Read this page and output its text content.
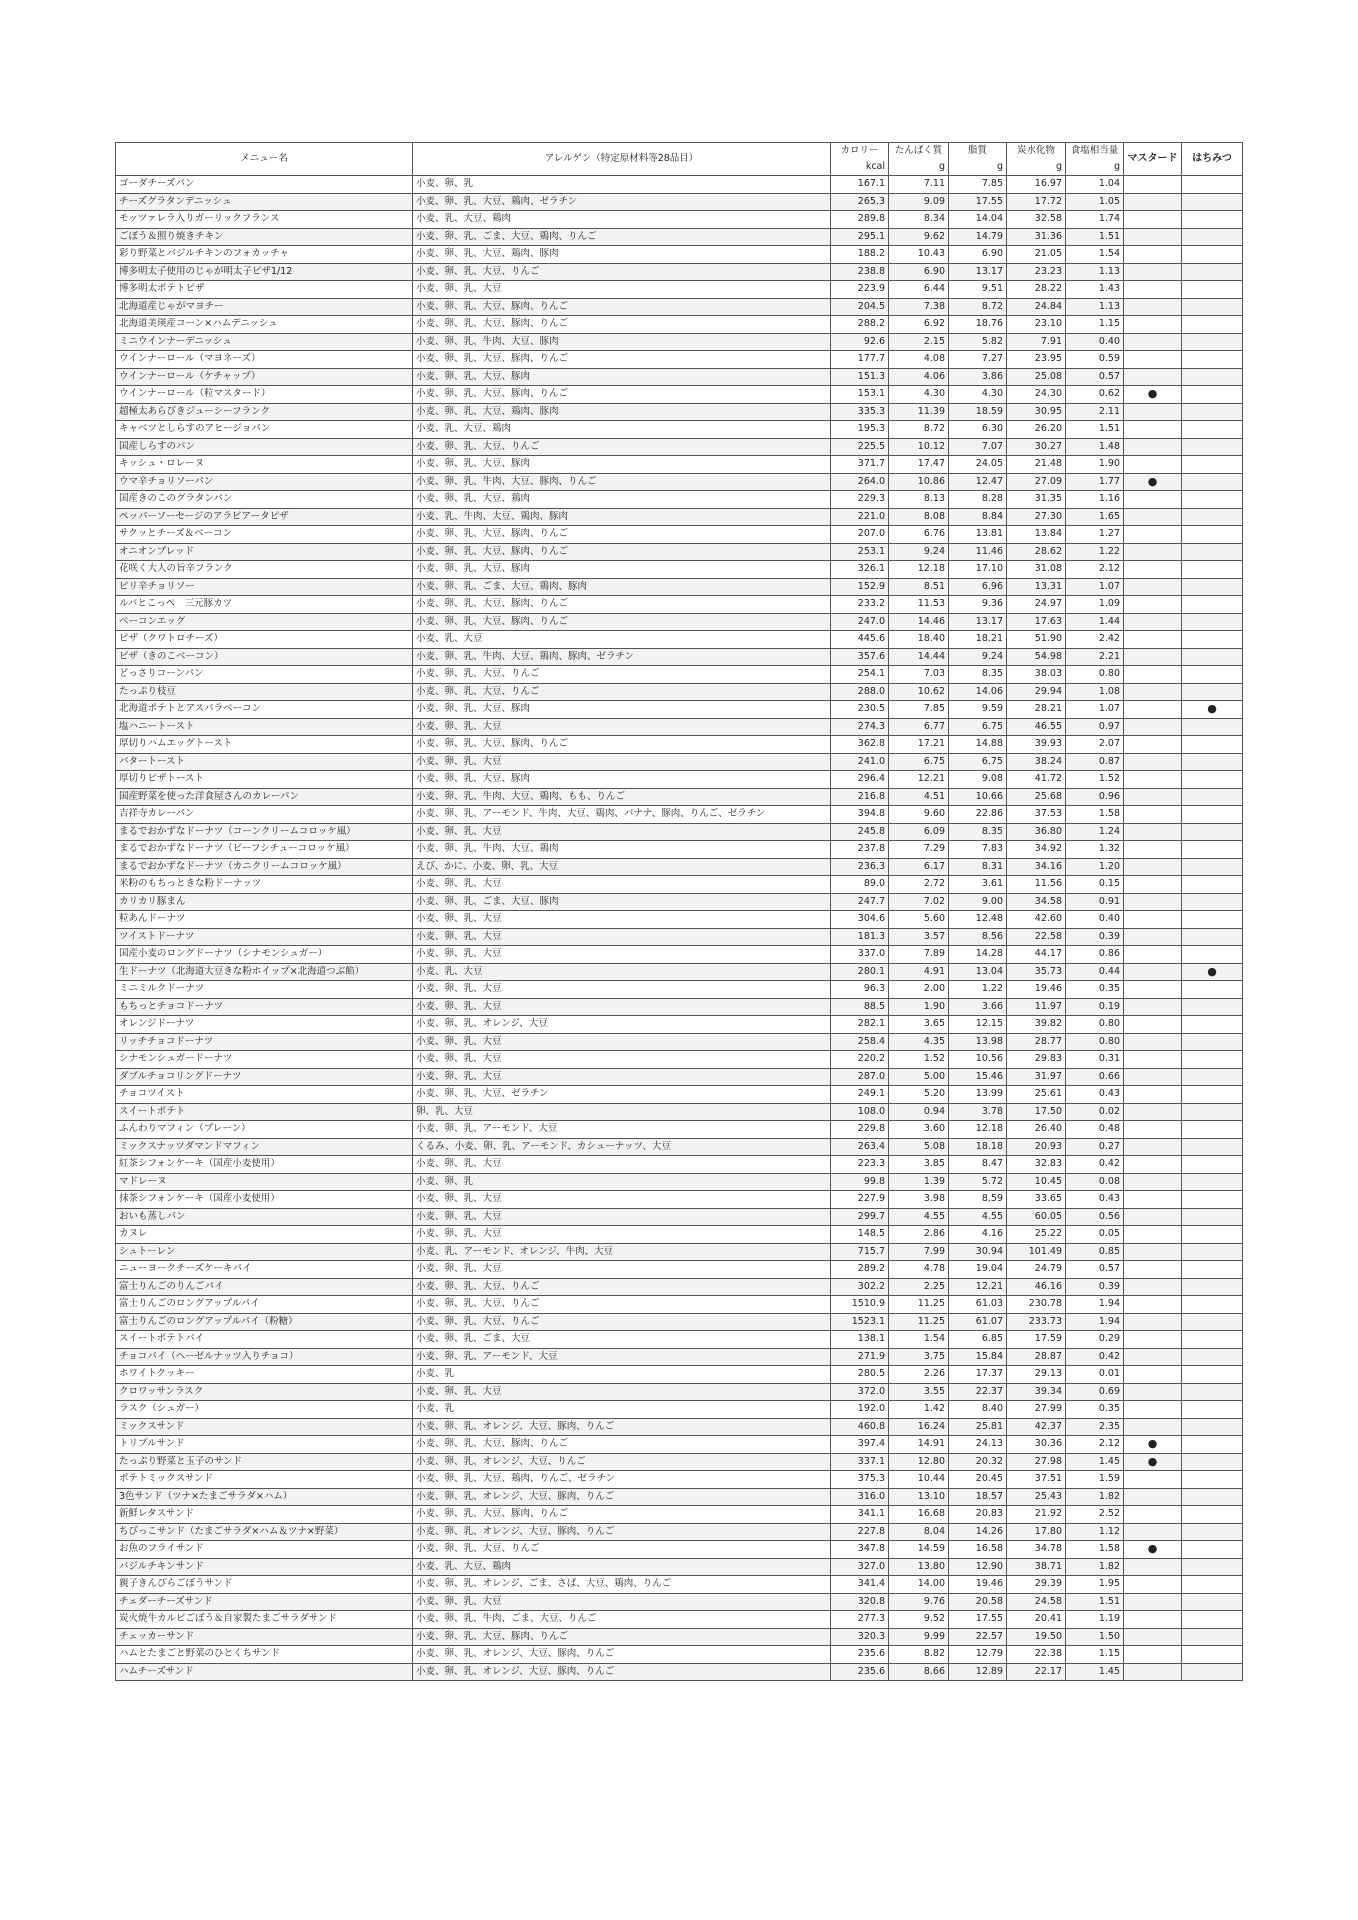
メニュー名	アレルゲン（特定原材料等28品目）	カロリー	たんぱく質	脂質	炭水化物	食塩相当量	マスタード	はちみつ
		kcal	g	g	g	g		
ゴーダチーズパン	小麦、卵、乳	167.1	7.11	7.85	16.97	1.04		
チーズグラタンデニッシュ	小麦、卵、乳、大豆、鶏肉、ゼラチン	265.3	9.09	17.55	17.72	1.05		
モッツァレラ入りガーリックフランス	小麦、乳、大豆、鶏肉	289.8	8.34	14.04	32.58	1.74		
ごぼう＆照り焼きチキン	小麦、卵、乳、ごま、大豆、鶏肉、りんご	295.1	9.62	14.79	31.36	1.51		
彩り野菜とバジルチキンのフォカッチャ	小麦、卵、乳、大豆、鶏肉、豚肉	188.2	10.43	6.90	21.05	1.54		
博多明太子使用のじゃが明太子ピザ1/12	小麦、卵、乳、大豆、りんご	238.8	6.90	13.17	23.23	1.13		
博多明太ポテトピザ	小麦、卵、乳、大豆	223.9	6.44	9.51	28.22	1.43		
北海道産じゃがマヨチー	小麦、卵、乳、大豆、豚肉、りんご	204.5	7.38	8.72	24.84	1.13		
北海道美瑛産コーン×ハムデニッシュ	小麦、卵、乳、大豆、豚肉、りんご	288.2	6.92	18.76	23.10	1.15		
ミニウインナーデニッシュ	小麦、卵、乳、牛肉、大豆、豚肉	92.6	2.15	5.82	7.91	0.40		
ウインナーロール（マヨネーズ）	小麦、卵、乳、大豆、豚肉、りんご	177.7	4.08	7.27	23.95	0.59		
ウインナーロール（ケチャップ）	小麦、卵、乳、大豆、豚肉	151.3	4.06	3.86	25.08	0.57		
ウインナーロール（粒マスタード）	小麦、卵、乳、大豆、豚肉、りんご	153.1	4.30	4.30	24.30	0.62	●	
超極太あらびきジューシーフランク	小麦、卵、乳、大豆、鶏肉、豚肉	335.3	11.39	18.59	30.95	2.11		
キャベツとしらすのアヒージョパン	小麦、乳、大豆、鶏肉	195.3	8.72	6.30	26.20	1.51		
国産しらすのパン	小麦、卵、乳、大豆、りんご	225.5	10.12	7.07	30.27	1.48		
キッシュ・ロレーヌ	小麦、卵、乳、大豆、豚肉	371.7	17.47	24.05	21.48	1.90		
ウマ辛チョリソーパン	小麦、卵、乳、牛肉、大豆、豚肉、りんご	264.0	10.86	12.47	27.09	1.77	●	
国産きのこのグラタンパン	小麦、卵、乳、大豆、鶏肉	229.3	8.13	8.28	31.35	1.16		
ペッパーソーセージのアラビアータピザ	小麦、乳、牛肉、大豆、鶏肉、豚肉	221.0	8.08	8.84	27.30	1.65		
サクッとチーズ＆ベーコン	小麦、卵、乳、大豆、豚肉、りんご	207.0	6.76	13.81	13.84	1.27		
オニオンブレッド	小麦、卵、乳、大豆、豚肉、りんご	253.1	9.24	11.46	28.62	1.22		
花咲く大人の旨辛フランク	小麦、卵、乳、大豆、豚肉	326.1	12.18	17.10	31.08	2.12		
ピリ辛チョリソー	小麦、卵、乳、ごま、大豆、鶏肉、豚肉	152.9	8.51	6.96	13.31	1.07		
ルバとこっぺ　三元豚カツ	小麦、卵、乳、大豆、豚肉、りんご	233.2	11.53	9.36	24.97	1.09		
ベーコンエッグ	小麦、卵、乳、大豆、豚肉、りんご	247.0	14.46	13.17	17.63	1.44		
ピザ（クワトロチーズ）	小麦、乳、大豆	445.6	18.40	18.21	51.90	2.42		
ピザ（きのこベーコン）	小麦、卵、乳、牛肉、大豆、鶏肉、豚肉、ゼラチン	357.6	14.44	9.24	54.98	2.21		
どっさりコーンパン	小麦、卵、乳、大豆、りんご	254.1	7.03	8.35	38.03	0.80		
たっぷり枝豆	小麦、卵、乳、大豆、りんご	288.0	10.62	14.06	29.94	1.08		
北海道ポテトとアスパラベーコン	小麦、卵、乳、大豆、豚肉	230.5	7.85	9.59	28.21	1.07		●
塩ハニートースト	小麦、卵、乳、大豆	274.3	6.77	6.75	46.55	0.97		
厚切りハムエッグトースト	小麦、卵、乳、大豆、豚肉、りんご	362.8	17.21	14.88	39.93	2.07		
バタートースト	小麦、卵、乳、大豆	241.0	6.75	6.75	38.24	0.87		
厚切りピザトースト	小麦、卵、乳、大豆、豚肉	296.4	12.21	9.08	41.72	1.52		
国産野菜を使った洋食屋さんのカレーパン	小麦、卵、乳、牛肉、大豆、鶏肉、もも、りんご	216.8	4.51	10.66	25.68	0.96		
吉祥寺カレーパン	小麦、卵、乳、アーモンド、牛肉、大豆、鶏肉、バナナ、豚肉、りんご、ゼラチン	394.8	9.60	22.86	37.53	1.58		
まるでおかずなドーナツ（コーンクリームコロッケ風）	小麦、卵、乳、大豆	245.8	6.09	8.35	36.80	1.24		
まるでおかずなドーナツ（ビーフシチューコロッケ風）	小麦、卵、乳、牛肉、大豆、鶏肉	237.8	7.29	7.83	34.92	1.32		
まるでおかずなドーナツ（カニクリームコロッケ風）	えび、かに、小麦、卵、乳、大豆	236.3	6.17	8.31	34.16	1.20		
米粉のもちっときな粉ドーナッツ	小麦、卵、乳、大豆	89.0	2.72	3.61	11.56	0.15		
カリカリ豚まん	小麦、卵、乳、ごま、大豆、豚肉	247.7	7.02	9.00	34.58	0.91		
粒あんドーナツ	小麦、卵、乳、大豆	304.6	5.60	12.48	42.60	0.40		
ツイストドーナツ	小麦、卵、乳、大豆	181.3	3.57	8.56	22.58	0.39		
国産小麦のロングドーナツ（シナモンシュガー）	小麦、卵、乳、大豆	337.0	7.89	14.28	44.17	0.86		
生ドーナツ（北海道大豆きな粉ホイップ×北海道つぶ餡）	小麦、乳、大豆	280.1	4.91	13.04	35.73	0.44		●
ミニミルクドーナツ	小麦、卵、乳、大豆	96.3	2.00	1.22	19.46	0.35		
もちっとチョコドーナツ	小麦、卵、乳、大豆	88.5	1.90	3.66	11.97	0.19		
オレンジドーナツ	小麦、卵、乳、オレンジ、大豆	282.1	3.65	12.15	39.82	0.80		
リッチチョコドーナツ	小麦、卵、乳、大豆	258.4	4.35	13.98	28.77	0.80		
シナモンシュガードーナツ	小麦、卵、乳、大豆	220.2	1.52	10.56	29.83	0.31		
ダブルチョコリングドーナツ	小麦、卵、乳、大豆	287.0	5.00	15.46	31.97	0.66		
チョコツイスト	小麦、卵、乳、大豆、ゼラチン	249.1	5.20	13.99	25.61	0.43		
スイートポテト	卵、乳、大豆	108.0	0.94	3.78	17.50	0.02		
ふんわりマフィン（プレーン）	小麦、卵、乳、アーモンド、大豆	229.8	3.60	12.18	26.40	0.48		
ミックスナッツダマンドマフィン	くるみ、小麦、卵、乳、アーモンド、カシューナッツ、大豆	263.4	5.08	18.18	20.93	0.27		
紅茶シフォンケーキ（国産小麦使用）	小麦、卵、乳、大豆	223.3	3.85	8.47	32.83	0.42		
マドレーヌ	小麦、卵、乳	99.8	1.39	5.72	10.45	0.08		
抹茶シフォンケーキ（国産小麦使用）	小麦、卵、乳、大豆	227.9	3.98	8.59	33.65	0.43		
おいも蒸しパン	小麦、卵、乳、大豆	299.7	4.55	4.55	60.05	0.56		
カヌレ	小麦、卵、乳、大豆	148.5	2.86	4.16	25.22	0.05		
シュトーレン	小麦、乳、アーモンド、オレンジ、牛肉、大豆	715.7	7.99	30.94	101.49	0.85		
ニューヨークチーズケーキパイ	小麦、卵、乳、大豆	289.2	4.78	19.04	24.79	0.57		
富士りんごのりんごパイ	小麦、卵、乳、大豆、りんご	302.2	2.25	12.21	46.16	0.39		
富士りんごのロングアップルパイ	小麦、卵、乳、大豆、りんご	1510.9	11.25	61.03	230.78	1.94		
富士りんごのロングアップルパイ（粉糖）	小麦、卵、乳、大豆、りんご	1523.1	11.25	61.07	233.73	1.94		
スイートポテトパイ	小麦、卵、乳、ごま、大豆	138.1	1.54	6.85	17.59	0.29		
チョコパイ（ヘーゼルナッツ入りチョコ）	小麦、卵、乳、アーモンド、大豆	271.9	3.75	15.84	28.87	0.42		
ホワイトクッキー	小麦、乳	280.5	2.26	17.37	29.13	0.01		
クロワッサンラスク	小麦、卵、乳、大豆	372.0	3.55	22.37	39.34	0.69		
ラスク（シュガー）	小麦、乳	192.0	1.42	8.40	27.99	0.35		
ミックスサンド	小麦、卵、乳、オレンジ、大豆、豚肉、りんご	460.8	16.24	25.81	42.37	2.35		
トリプルサンド	小麦、卵、乳、大豆、豚肉、りんご	397.4	14.91	24.13	30.36	2.12	●	
たっぷり野菜と玉子のサンド	小麦、卵、乳、オレンジ、大豆、りんご	337.1	12.80	20.32	27.98	1.45	●	
ポテトミックスサンド	小麦、卵、乳、大豆、鶏肉、りんご、ゼラチン	375.3	10.44	20.45	37.51	1.59		
3色サンド（ツナ×たまごサラダ×ハム）	小麦、卵、乳、オレンジ、大豆、豚肉、りんご	316.0	13.10	18.57	25.43	1.82		
新鮮レタスサンド	小麦、卵、乳、大豆、豚肉、りんご	341.1	16.68	20.83	21.92	2.52		
ちびっこサンド（たまごサラダ×ハム＆ツナ×野菜）	小麦、卵、乳、オレンジ、大豆、豚肉、りんご	227.8	8.04	14.26	17.80	1.12		
お魚のフライサンド	小麦、卵、乳、大豆、りんご	347.8	14.59	16.58	34.78	1.58	●	
バジルチキンサンド	小麦、乳、大豆、鶏肉	327.0	13.80	12.90	38.71	1.82		
親子きんぴらごぼうサンド	小麦、卵、乳、オレンジ、ごま、さば、大豆、鶏肉、りんご	341.4	14.00	19.46	29.39	1.95		
チェダーチーズサンド	小麦、卵、乳、大豆	320.8	9.76	20.58	24.58	1.51		
炭火焼牛カルビごぼう＆自家製たまごサラダサンド	小麦、卵、乳、牛肉、ごま、大豆、りんご	277.3	9.52	17.55	20.41	1.19		
チェッカーサンド	小麦、卵、乳、大豆、豚肉、りんご	320.3	9.99	22.57	19.50	1.50		
ハムとたまごと野菜のひとくちサンド	小麦、卵、乳、オレンジ、大豆、豚肉、りんご	235.6	8.82	12.79	22.38	1.15		
ハムチーズサンド	小麦、卵、乳、オレンジ、大豆、豚肉、りんご	235.6	8.66	12.89	22.17	1.45		
